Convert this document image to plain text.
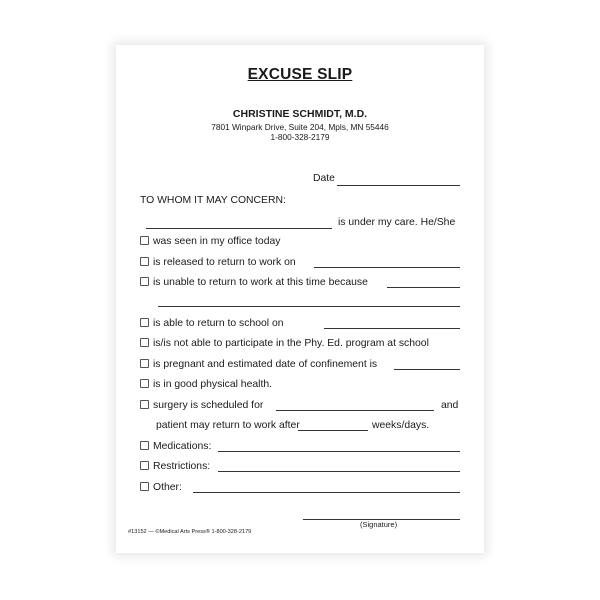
EXCUSE SLIP
CHRISTINE SCHMIDT, M.D.
7801 Winpark Drive, Suite 204, Mpls, MN 55446
1-800-328-2179
Date
TO WHOM IT MAY CONCERN:
is under my care. He/She
was seen in my office today
is released to return to work on
is unable to return to work at this time because
is able to return to school on
is/is not able to participate in the Phy. Ed. program at school
is pregnant and estimated date of confinement is
is in good physical health.
surgery is scheduled for	and
patient may return to work after	weeks/days.
Medications:
Restrictions:
Other:
(Signature)
#13152 — ©Medical Arts Press® 1-800-328-2179
